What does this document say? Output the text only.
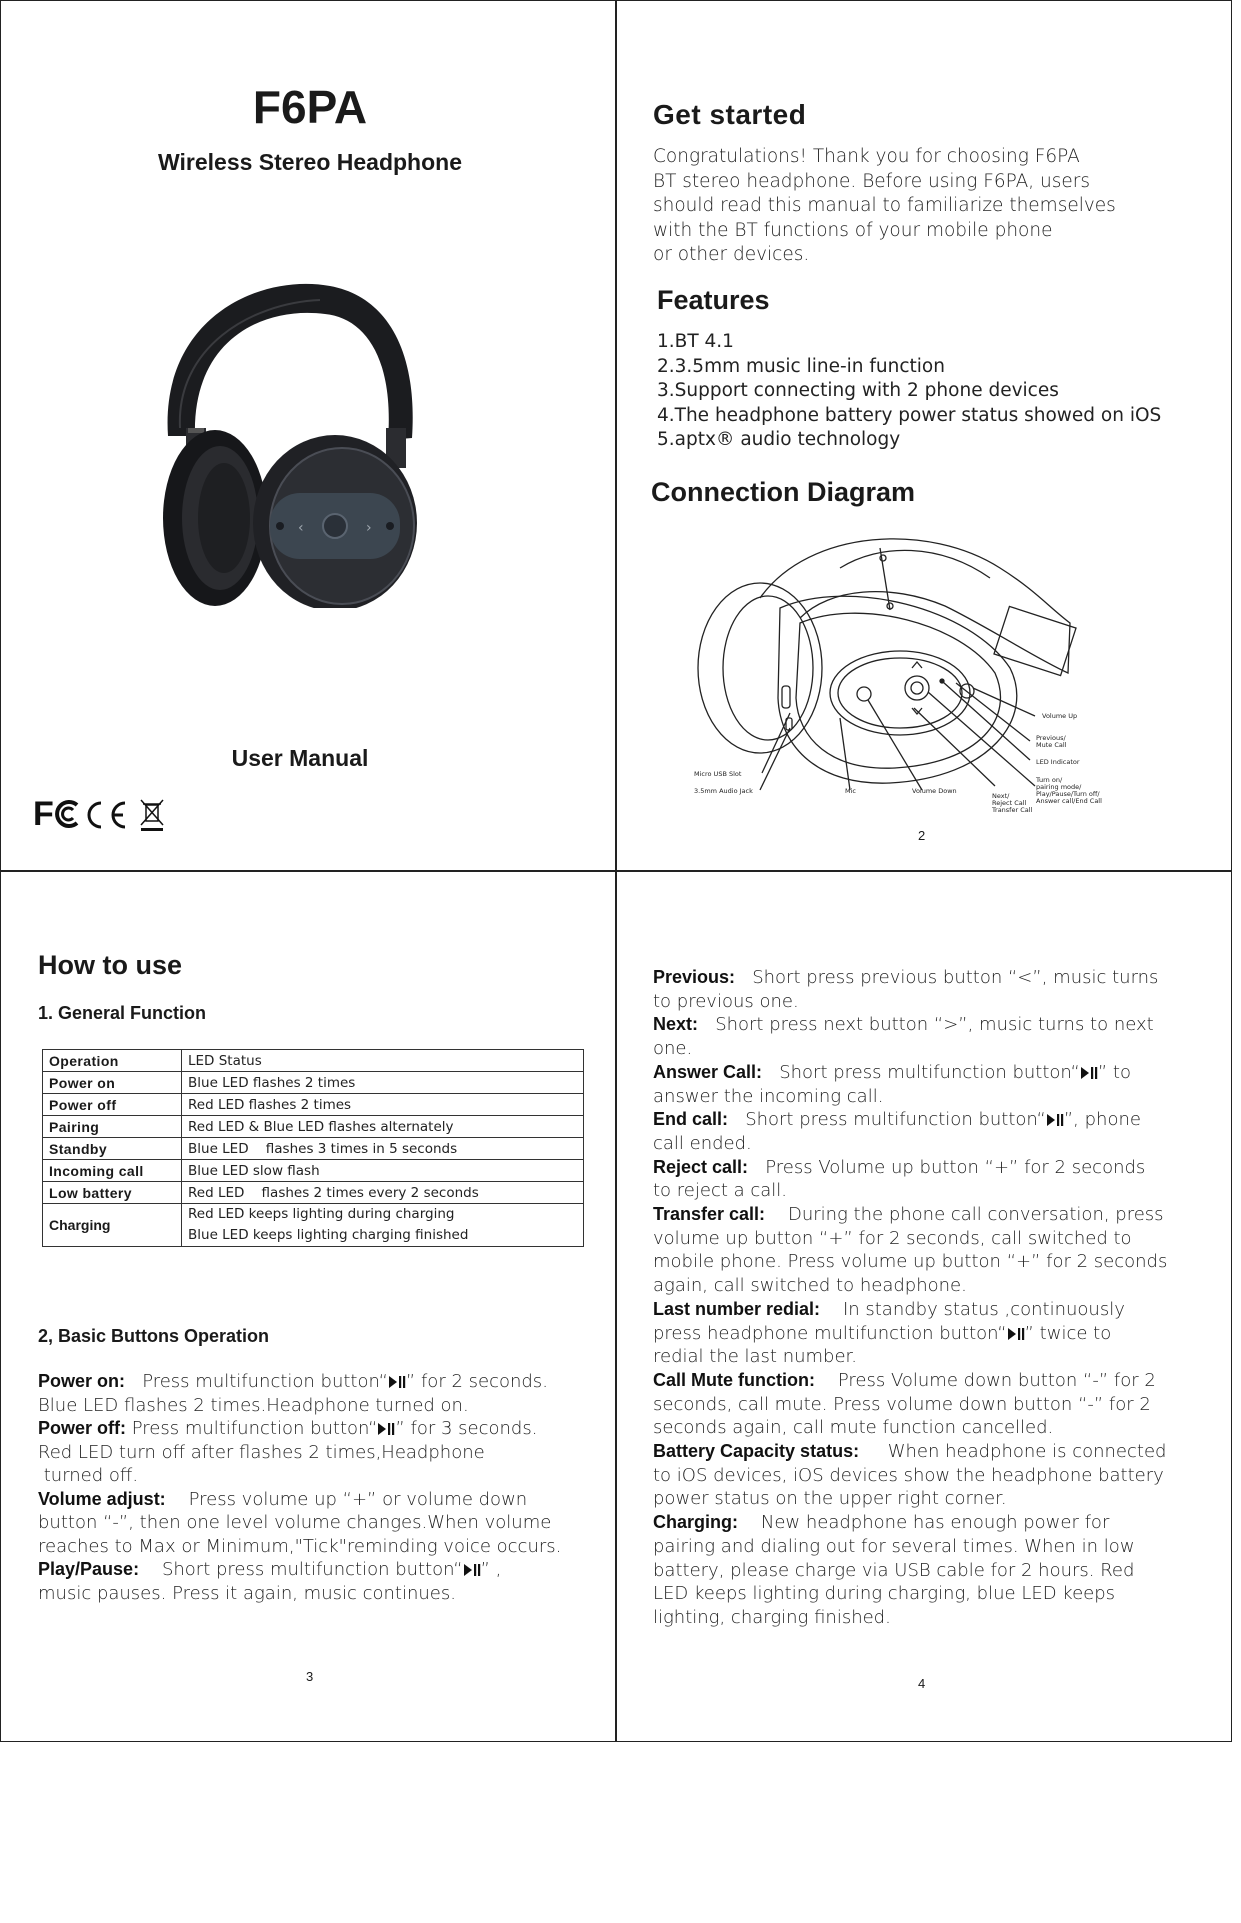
F6PA
Wireless Stereo Headphone
‹	›
User Manual
F
Get started
Congratulations! Thank you for choosing F6PA
BT stereo headphone. Before using F6PA, users
should read this manual to familiarize themselves
with the BT functions of your mobile phone
or other devices.
Features
1.BT 4.1
2.3.5mm music line-in function
3.Support connecting with 2 phone devices
4.The headphone battery power status showed on iOS
5.aptx® audio technology
Connection Diagram
Volume Up
Previous/
Mute Call
LED Indicator
Turn on/
pairing mode/
Play/Pause/Turn off/
Answer call/End Call
Next/
Reject Call
Transfer Call
Volume Down
Mic
Micro USB Slot
3.5mm Audio Jack
2
How to use
1. General Function
Operation	LED Status
Power on	Blue LED flashes 2 times
Power off	Red LED flashes 2 times
Pairing	Red LED & Blue LED flashes alternately
Standby	Blue LED    flashes 3 times in 5 seconds
Incoming call	Blue LED slow flash
Low battery	Red LED    flashes 2 times every 2 seconds
Charging	Red LED keeps lighting during charging
Blue LED keeps lighting charging finished
2, Basic Buttons Operation
Power on: Press multifunction button“ ” for 2 seconds.
Blue LED flashes 2 times.Headphone turned on.
Power off: Press multifunction button“ ” for 3 seconds.
Red LED turn off after flashes 2 times,Headphone
turned off.
Volume adjust: Press volume up “+” or volume down
button “-”, then one level volume changes.When volume
reaches to Max or Minimum,"Tick"reminding voice occurs.
Play/Pause: Short press multifunction button“ ” ,
music pauses. Press it again, music continues.
3
Previous: Short press previous button “<”, music turns
to previous one.
Next: Short press next button “>”, music turns to next
one.
Answer Call: Short press multifunction button“ ” to
answer the incoming call.
End call: Short press multifunction button“ ”, phone
call ended.
Reject call: Press Volume up button “+” for 2 seconds
to reject a call.
Transfer call: During the phone call conversation, press
volume up button “+” for 2 seconds, call switched to
mobile phone. Press volume up button “+” for 2 seconds
again, call switched to headphone.
Last number redial: In standby status ,continuously
press headphone multifunction button“ ” twice to
redial the last number.
Call Mute function: Press Volume down button “-” for 2
seconds, call mute. Press volume down button “-” for 2
seconds again, call mute function cancelled.
Battery Capacity status: When headphone is connected
to iOS devices, iOS devices show the headphone battery
power status on the upper right corner.
Charging: New headphone has enough power for
pairing and dialing out for several times. When in low
battery, please charge via USB cable for 2 hours. Red
LED keeps lighting during charging, blue LED keeps
lighting, charging finished.
4
